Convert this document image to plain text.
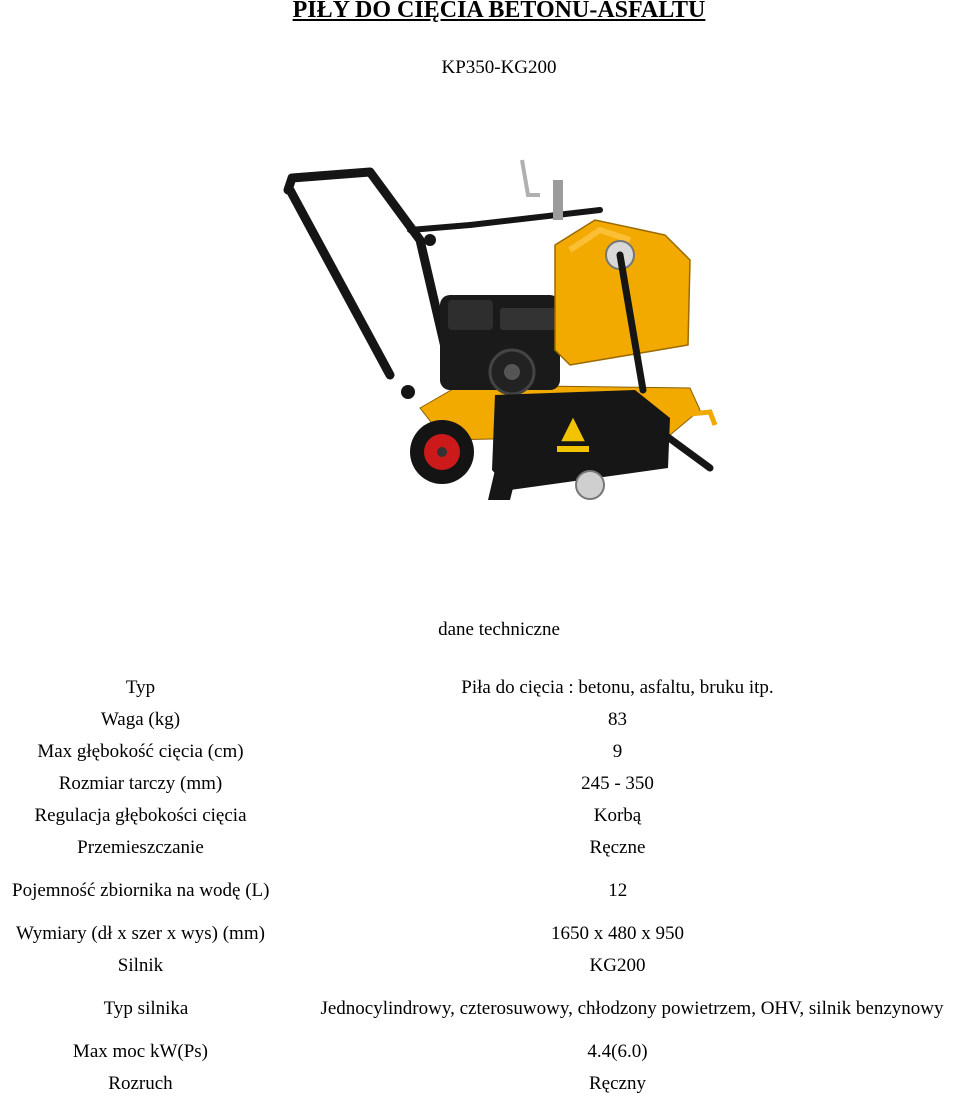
PIŁY DO CIĘCIA BETONU-ASFALTU
KP350-KG200
dane techniczne
Typ	Piła do cięcia : betonu, asfaltu, bruku itp.
Waga (kg)	83
Max głębokość cięcia (cm)	9
Rozmiar tarczy (mm)	245 - 350
Regulacja głębokości cięcia	Korbą
Przemieszczanie	Ręczne
Pojemność zbiornika na wodę (L)	12
Wymiary (dł x szer x wys) (mm)	1650 x 480 x 950
Silnik	KG200
Typ silnika	Jednocylindrowy, czterosuwowy, chłodzony powietrzem, OHV, silnik benzynowy
Max moc kW(Ps)	4.4(6.0)
Rozruch	Ręczny
